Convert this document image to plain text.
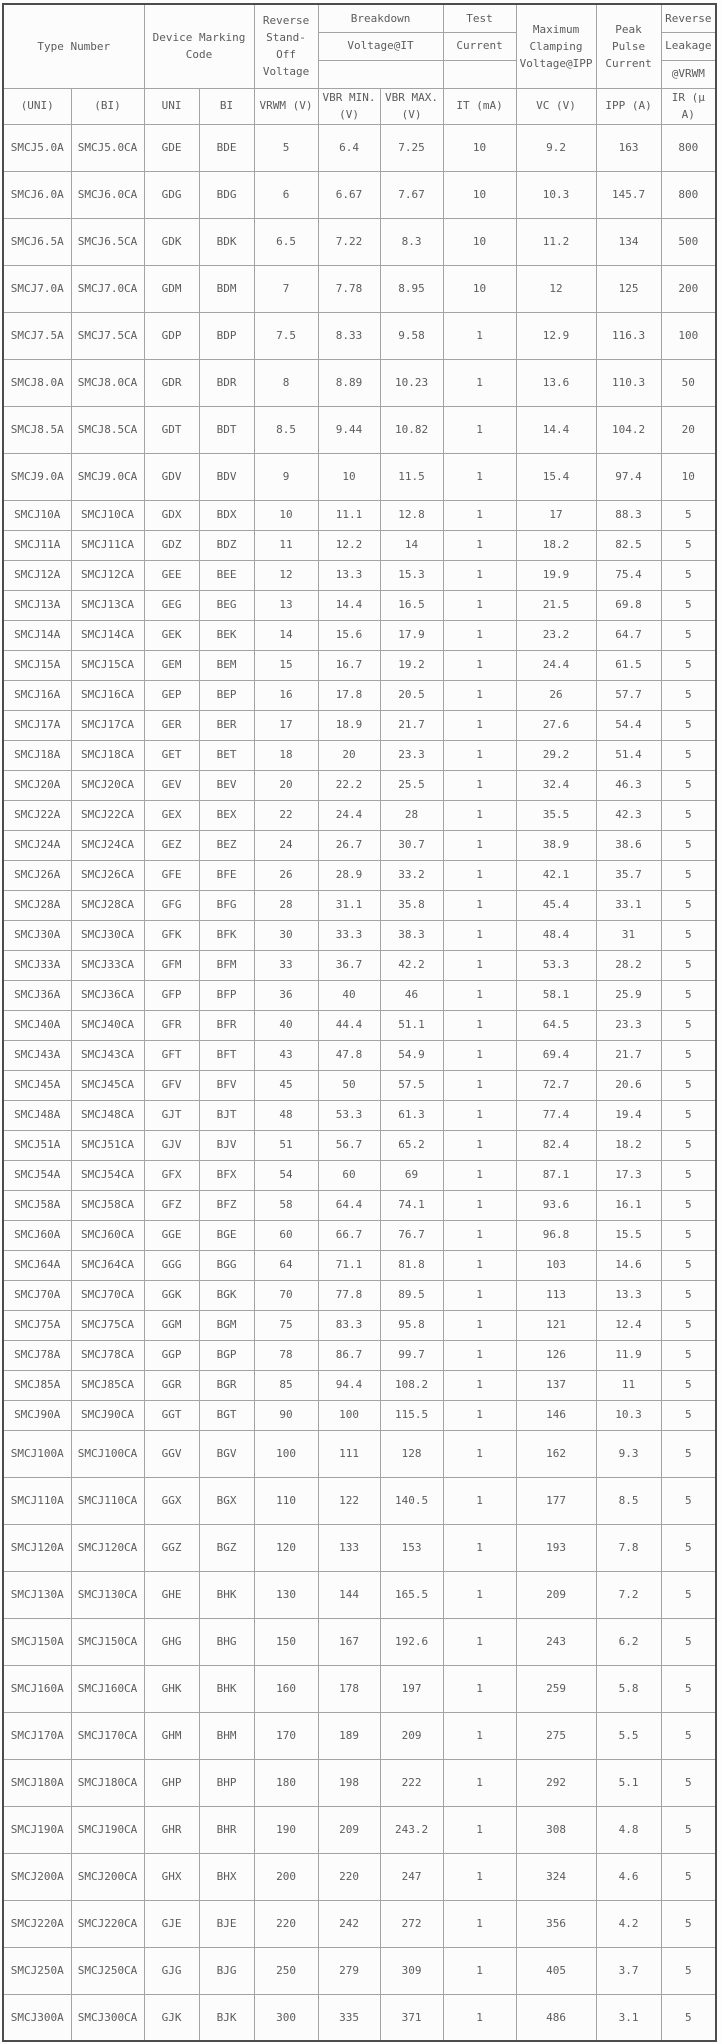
Type Number		Device Marking Code		Reverse Stand-Off Voltage	Breakdown		Test	Maximum Clamping Voltage@IPP	Peak Pulse Current	Reverse
					Voltage@IT		Current			Leakage
										@VRWM
(UNI)	(BI)	UNI	BI	VRWM (V)	VBR MIN. (V)	VBR MAX. (V)	IT (mA)	VC (V)	IPP (A)	IR (μ A)
SMCJ5.0A	SMCJ5.0CA	GDE	BDE	5	6.4	7.25	10	9.2	163	800
SMCJ6.0A	SMCJ6.0CA	GDG	BDG	6	6.67	7.67	10	10.3	145.7	800
SMCJ6.5A	SMCJ6.5CA	GDK	BDK	6.5	7.22	8.3	10	11.2	134	500
SMCJ7.0A	SMCJ7.0CA	GDM	BDM	7	7.78	8.95	10	12	125	200
SMCJ7.5A	SMCJ7.5CA	GDP	BDP	7.5	8.33	9.58	1	12.9	116.3	100
SMCJ8.0A	SMCJ8.0CA	GDR	BDR	8	8.89	10.23	1	13.6	110.3	50
SMCJ8.5A	SMCJ8.5CA	GDT	BDT	8.5	9.44	10.82	1	14.4	104.2	20
SMCJ9.0A	SMCJ9.0CA	GDV	BDV	9	10	11.5	1	15.4	97.4	10
SMCJ10A	SMCJ10CA	GDX	BDX	10	11.1	12.8	1	17	88.3	5
SMCJ11A	SMCJ11CA	GDZ	BDZ	11	12.2	14	1	18.2	82.5	5
SMCJ12A	SMCJ12CA	GEE	BEE	12	13.3	15.3	1	19.9	75.4	5
SMCJ13A	SMCJ13CA	GEG	BEG	13	14.4	16.5	1	21.5	69.8	5
SMCJ14A	SMCJ14CA	GEK	BEK	14	15.6	17.9	1	23.2	64.7	5
SMCJ15A	SMCJ15CA	GEM	BEM	15	16.7	19.2	1	24.4	61.5	5
SMCJ16A	SMCJ16CA	GEP	BEP	16	17.8	20.5	1	26	57.7	5
SMCJ17A	SMCJ17CA	GER	BER	17	18.9	21.7	1	27.6	54.4	5
SMCJ18A	SMCJ18CA	GET	BET	18	20	23.3	1	29.2	51.4	5
SMCJ20A	SMCJ20CA	GEV	BEV	20	22.2	25.5	1	32.4	46.3	5
SMCJ22A	SMCJ22CA	GEX	BEX	22	24.4	28	1	35.5	42.3	5
SMCJ24A	SMCJ24CA	GEZ	BEZ	24	26.7	30.7	1	38.9	38.6	5
SMCJ26A	SMCJ26CA	GFE	BFE	26	28.9	33.2	1	42.1	35.7	5
SMCJ28A	SMCJ28CA	GFG	BFG	28	31.1	35.8	1	45.4	33.1	5
SMCJ30A	SMCJ30CA	GFK	BFK	30	33.3	38.3	1	48.4	31	5
SMCJ33A	SMCJ33CA	GFM	BFM	33	36.7	42.2	1	53.3	28.2	5
SMCJ36A	SMCJ36CA	GFP	BFP	36	40	46	1	58.1	25.9	5
SMCJ40A	SMCJ40CA	GFR	BFR	40	44.4	51.1	1	64.5	23.3	5
SMCJ43A	SMCJ43CA	GFT	BFT	43	47.8	54.9	1	69.4	21.7	5
SMCJ45A	SMCJ45CA	GFV	BFV	45	50	57.5	1	72.7	20.6	5
SMCJ48A	SMCJ48CA	GJT	BJT	48	53.3	61.3	1	77.4	19.4	5
SMCJ51A	SMCJ51CA	GJV	BJV	51	56.7	65.2	1	82.4	18.2	5
SMCJ54A	SMCJ54CA	GFX	BFX	54	60	69	1	87.1	17.3	5
SMCJ58A	SMCJ58CA	GFZ	BFZ	58	64.4	74.1	1	93.6	16.1	5
SMCJ60A	SMCJ60CA	GGE	BGE	60	66.7	76.7	1	96.8	15.5	5
SMCJ64A	SMCJ64CA	GGG	BGG	64	71.1	81.8	1	103	14.6	5
SMCJ70A	SMCJ70CA	GGK	BGK	70	77.8	89.5	1	113	13.3	5
SMCJ75A	SMCJ75CA	GGM	BGM	75	83.3	95.8	1	121	12.4	5
SMCJ78A	SMCJ78CA	GGP	BGP	78	86.7	99.7	1	126	11.9	5
SMCJ85A	SMCJ85CA	GGR	BGR	85	94.4	108.2	1	137	11	5
SMCJ90A	SMCJ90CA	GGT	BGT	90	100	115.5	1	146	10.3	5
SMCJ100A	SMCJ100CA	GGV	BGV	100	111	128	1	162	9.3	5
SMCJ110A	SMCJ110CA	GGX	BGX	110	122	140.5	1	177	8.5	5
SMCJ120A	SMCJ120CA	GGZ	BGZ	120	133	153	1	193	7.8	5
SMCJ130A	SMCJ130CA	GHE	BHK	130	144	165.5	1	209	7.2	5
SMCJ150A	SMCJ150CA	GHG	BHG	150	167	192.6	1	243	6.2	5
SMCJ160A	SMCJ160CA	GHK	BHK	160	178	197	1	259	5.8	5
SMCJ170A	SMCJ170CA	GHM	BHM	170	189	209	1	275	5.5	5
SMCJ180A	SMCJ180CA	GHP	BHP	180	198	222	1	292	5.1	5
SMCJ190A	SMCJ190CA	GHR	BHR	190	209	243.2	1	308	4.8	5
SMCJ200A	SMCJ200CA	GHX	BHX	200	220	247	1	324	4.6	5
SMCJ220A	SMCJ220CA	GJE	BJE	220	242	272	1	356	4.2	5
SMCJ250A	SMCJ250CA	GJG	BJG	250	279	309	1	405	3.7	5
SMCJ300A	SMCJ300CA	GJK	BJK	300	335	371	1	486	3.1	5
